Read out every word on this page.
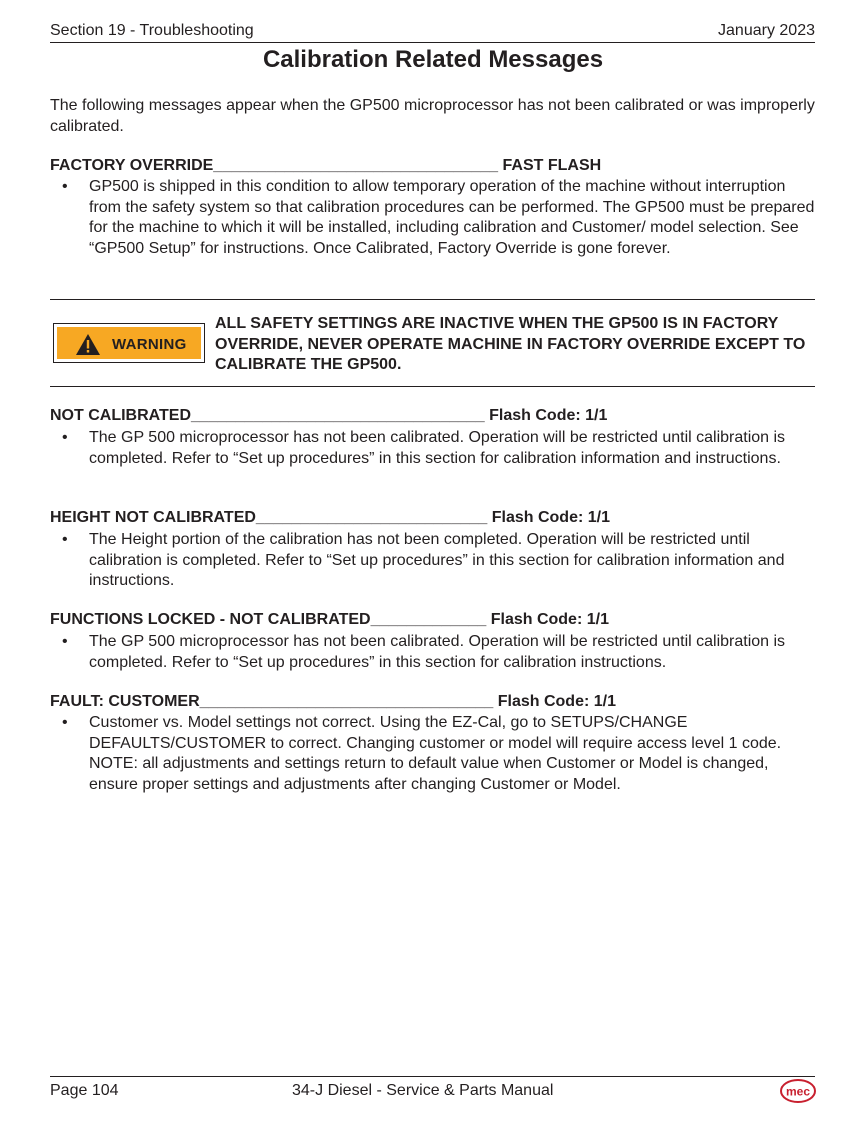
Section 19 - Troubleshooting	January 2023
Calibration Related Messages
The following messages appear when the GP500 microprocessor has not been calibrated or was improperly calibrated.
FACTORY OVERRIDE________________________________ FAST FLASH
• GP500 is shipped in this condition to allow temporary operation of the machine without interruption from the safety system so that calibration procedures can be performed. The GP500 must be prepared for the machine to which it will be installed, including calibration and Customer/ model selection. See “GP500 Setup” for instructions. Once Calibrated, Factory Override is gone forever.
WARNING
ALL SAFETY SETTINGS ARE INACTIVE WHEN THE GP500 IS IN FACTORY OVERRIDE, NEVER OPERATE MACHINE IN FACTORY OVERRIDE EXCEPT TO CALIBRATE THE GP500.
NOT CALIBRATED_________________________________ Flash Code: 1/1
• The GP 500 microprocessor has not been calibrated. Operation will be restricted until calibration is completed. Refer to “Set up procedures” in this section for calibration information and instructions.
HEIGHT NOT CALIBRATED__________________________ Flash Code: 1/1
• The Height portion of the calibration has not been completed. Operation will be restricted until calibration is completed. Refer to “Set up procedures” in this section for calibration information and instructions.
FUNCTIONS LOCKED - NOT CALIBRATED_____________ Flash Code: 1/1
• The GP 500 microprocessor has not been calibrated. Operation will be restricted until calibration is completed. Refer to “Set up procedures” in this section for calibration instructions.
FAULT: CUSTOMER_________________________________ Flash Code: 1/1
• Customer vs. Model settings not correct. Using the EZ-Cal, go to SETUPS/CHANGE DEFAULTS/CUSTOMER to correct. Changing customer or model will require access level 1 code. NOTE: all adjustments and settings return to default value when Customer or Model is changed, ensure proper settings and adjustments after changing Customer or Model.
Page 104	34-J Diesel - Service & Parts Manual	mec
